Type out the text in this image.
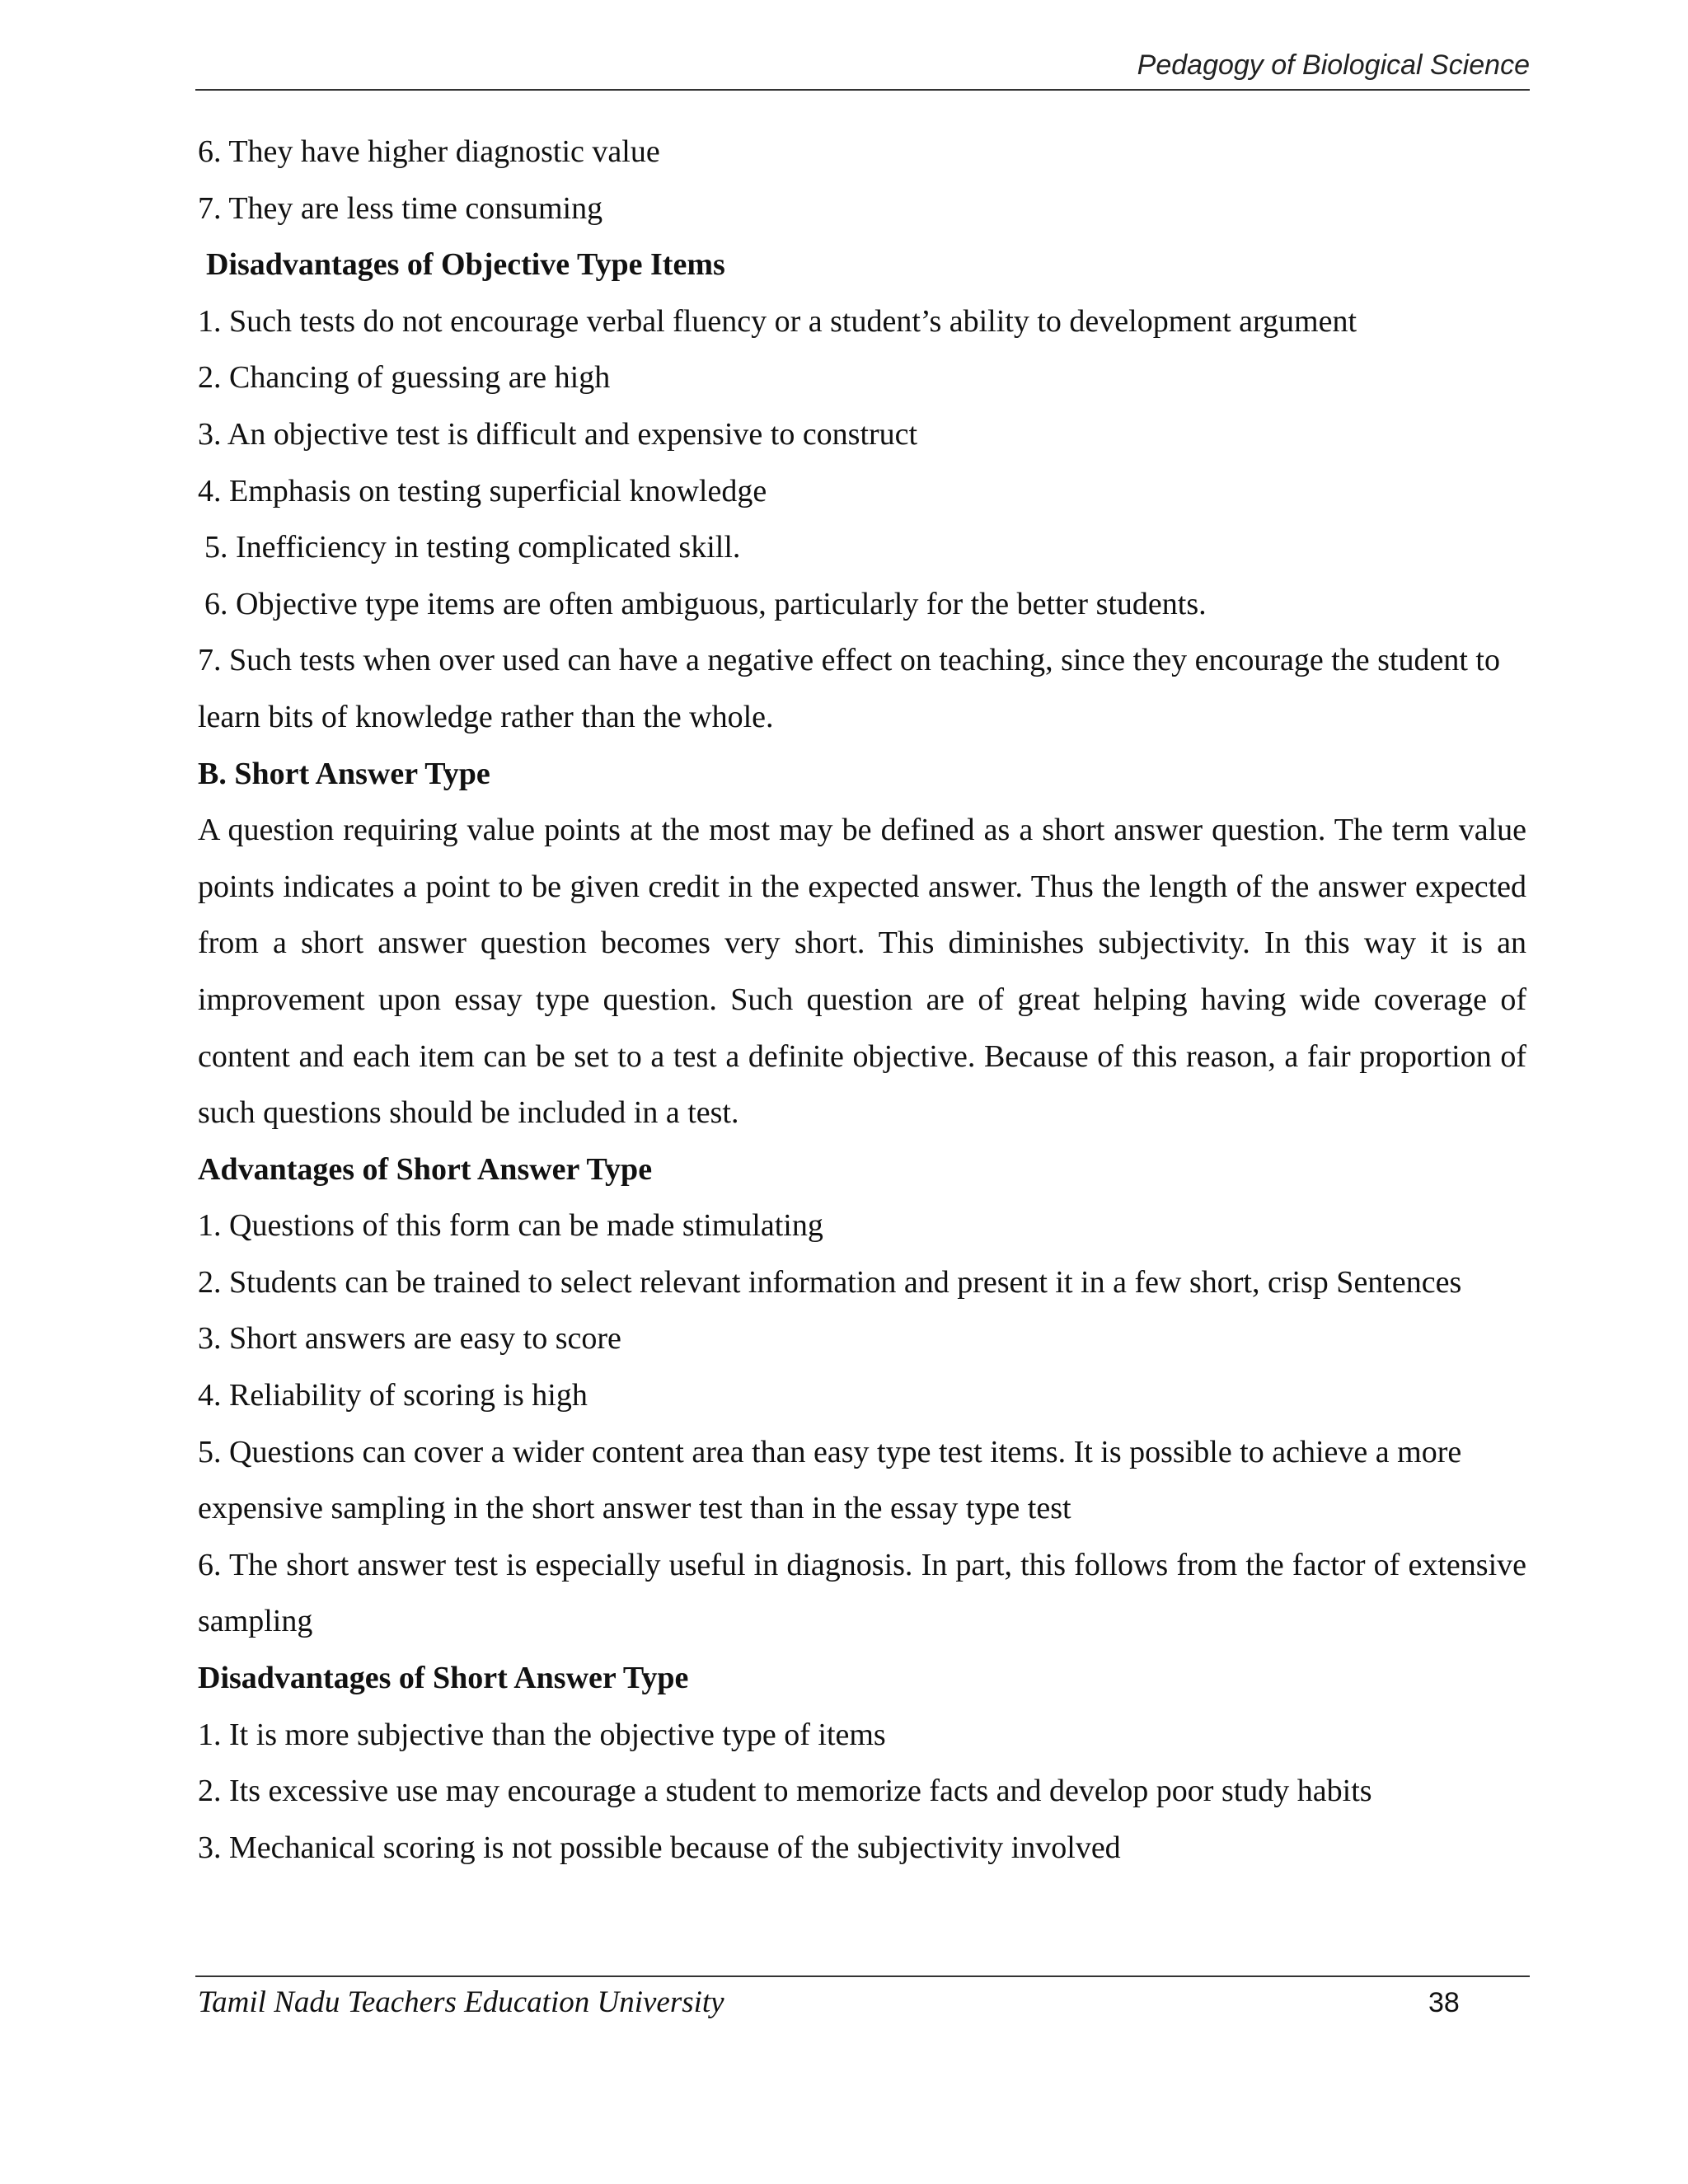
Pedagogy of Biological Science
6. They have higher diagnostic value
7. They are less time consuming
Disadvantages of Objective Type Items
1. Such tests do not encourage verbal fluency or a student’s ability to development argument
2. Chancing of guessing are high
3. An objective test is difficult and expensive to construct
4. Emphasis on testing superficial knowledge
5. Inefficiency in testing complicated skill.
6. Objective type items are often ambiguous, particularly for the better students.
7. Such tests when over used can have a negative effect on teaching, since they encourage the student to learn bits of knowledge rather than the whole.
B. Short Answer Type
A question requiring value points at the most may be defined as a short answer question. The term value points indicates a point to be given credit in the expected answer. Thus the length of the answer expected from a short answer question becomes very short. This diminishes subjectivity. In this way it is an improvement upon essay type question. Such question are of great helping having wide coverage of content and each item can be set to a test a definite objective. Because of this reason, a fair proportion of such questions should be included in a test.
Advantages of Short Answer Type
1. Questions of this form can be made stimulating
2. Students can be trained to select relevant information and present it in a few short, crisp Sentences
3. Short answers are easy to score
4. Reliability of scoring is high
5. Questions can cover a wider content area than easy type test items. It is possible to achieve a more expensive sampling in the short answer test than in the essay type test
6. The short answer test is especially useful in diagnosis. In part, this follows from the factor of extensive sampling
Disadvantages of Short Answer Type
1. It is more subjective than the objective type of items
2. Its excessive use may encourage a student to memorize facts and develop poor study habits
3. Mechanical scoring is not possible because of the subjectivity involved
Tamil Nadu Teachers Education University	38
